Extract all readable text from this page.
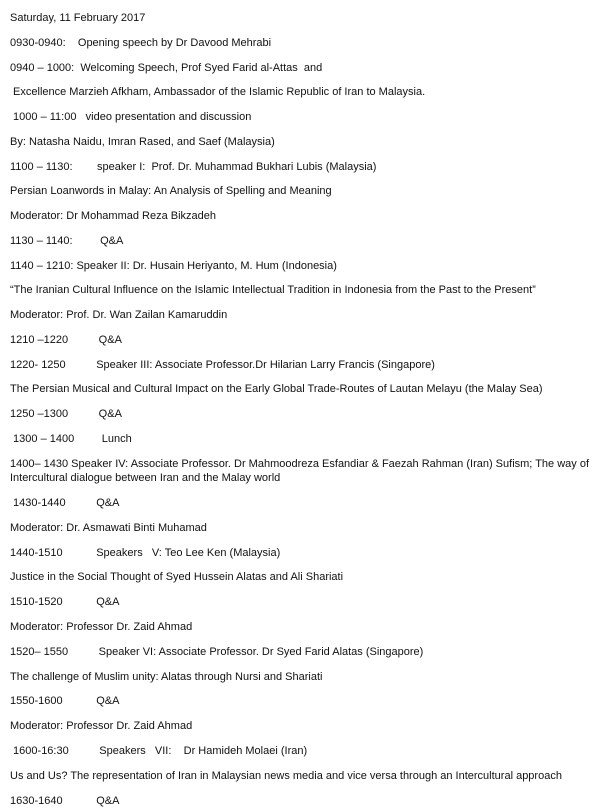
Saturday, 11 February 2017
0930-0940:    Opening speech by Dr Davood Mehrabi
0940 – 1000:  Welcoming Speech, Prof Syed Farid al-Attas  and
Excellence Marzieh Afkham, Ambassador of the Islamic Republic of Iran to Malaysia.
1000 – 11:00   video presentation and discussion
By: Natasha Naidu, Imran Rased, and Saef (Malaysia)
1100 – 1130:        speaker I:  Prof. Dr. Muhammad Bukhari Lubis (Malaysia)
Persian Loanwords in Malay: An Analysis of Spelling and Meaning
Moderator: Dr Mohammad Reza Bikzadeh
1130 – 1140:         Q&A
1140 – 1210: Speaker II: Dr. Husain Heriyanto, M. Hum (Indonesia)
“The Iranian Cultural Influence on the Islamic Intellectual Tradition in Indonesia from the Past to the Present”
Moderator: Prof. Dr. Wan Zailan Kamaruddin
1210 –1220          Q&A
1220- 1250          Speaker III: Associate Professor.Dr Hilarian Larry Francis (Singapore)
The Persian Musical and Cultural Impact on the Early Global Trade-Routes of Lautan Melayu (the Malay Sea)
1250 –1300          Q&A
1300 – 1400         Lunch
1400– 1430 Speaker IV: Associate Professor. Dr Mahmoodreza Esfandiar & Faezah Rahman (Iran) Sufism; The way of Intercultural dialogue between Iran and the Malay world
1430-1440          Q&A
Moderator: Dr. Asmawati Binti Muhamad
1440-1510           Speakers   V: Teo Lee Ken (Malaysia)
Justice in the Social Thought of Syed Hussein Alatas and Ali Shariati
1510-1520           Q&A
Moderator: Professor Dr. Zaid Ahmad
1520– 1550          Speaker VI: Associate Professor. Dr Syed Farid Alatas (Singapore)
The challenge of Muslim unity: Alatas through Nursi and Shariati
1550-1600           Q&A
Moderator: Professor Dr. Zaid Ahmad
1600-16:30          Speakers   VII:    Dr Hamideh Molaei (Iran)
Us and Us? The representation of Iran in Malaysian news media and vice versa through an Intercultural approach
1630-1640           Q&A
